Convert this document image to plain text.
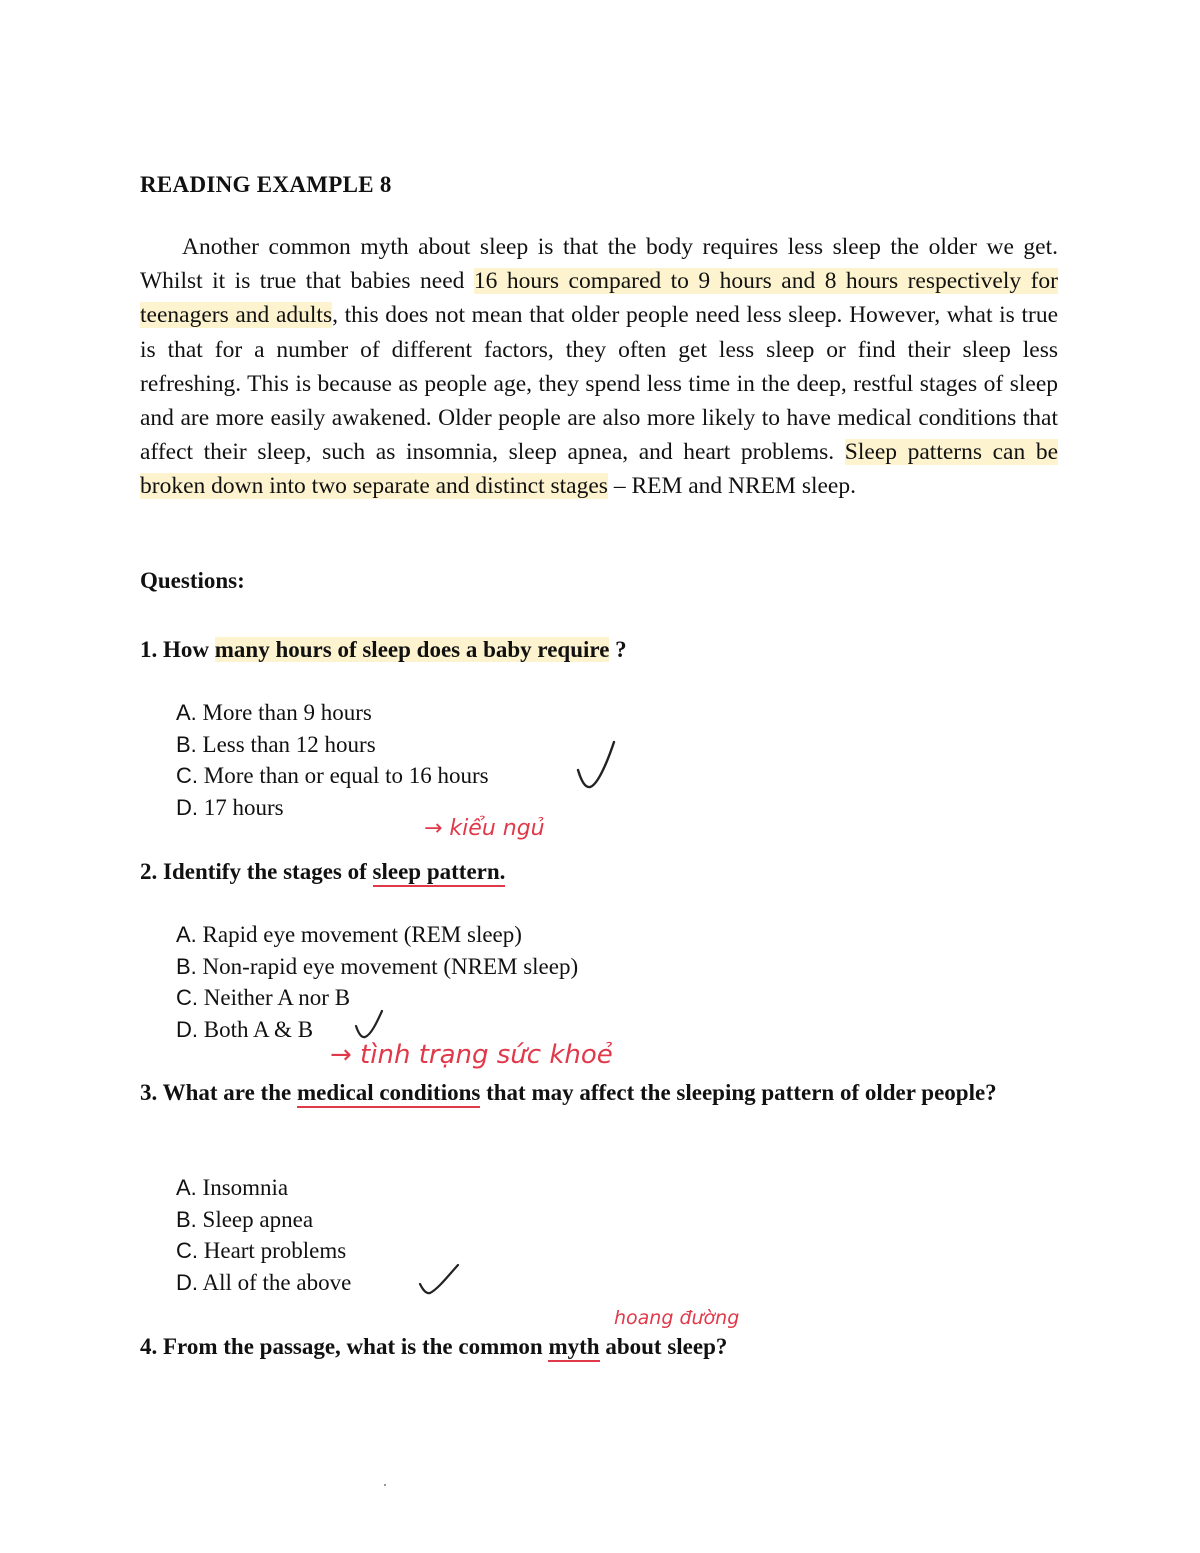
READING EXAMPLE 8

Another common myth about sleep is that the body requires less sleep the older we get. Whilst it is true that babies need 16 hours compared to 9 hours and 8 hours respectively for teenagers and adults, this does not mean that older people need less sleep. However, what is true is that for a number of different factors, they often get less sleep or find their sleep less refreshing. This is because as people age, they spend less time in the deep, restful stages of sleep and are more easily awakened. Older people are also more likely to have medical conditions that affect their sleep, such as insomnia, sleep apnea, and heart problems. Sleep patterns can be broken down into two separate and distinct stages – REM and NREM sleep.

Questions:

1. How many hours of sleep does a baby require ?

A. More than 9 hours
B. Less than 12 hours
C. More than or equal to 16 hours
D. 17 hours
→ kiểu ngủ

2. Identify the stages of sleep pattern.

A. Rapid eye movement (REM sleep)
B. Non-rapid eye movement (NREM sleep)
C. Neither A nor B
D. Both A & B
→ tình trạng sức khoẻ

3. What are the medical conditions that may affect the sleeping pattern of older people?

A. Insomnia
B. Sleep apnea
C. Heart problems
D. All of the above
hoang đường

4. From the passage, what is the common myth about sleep?
